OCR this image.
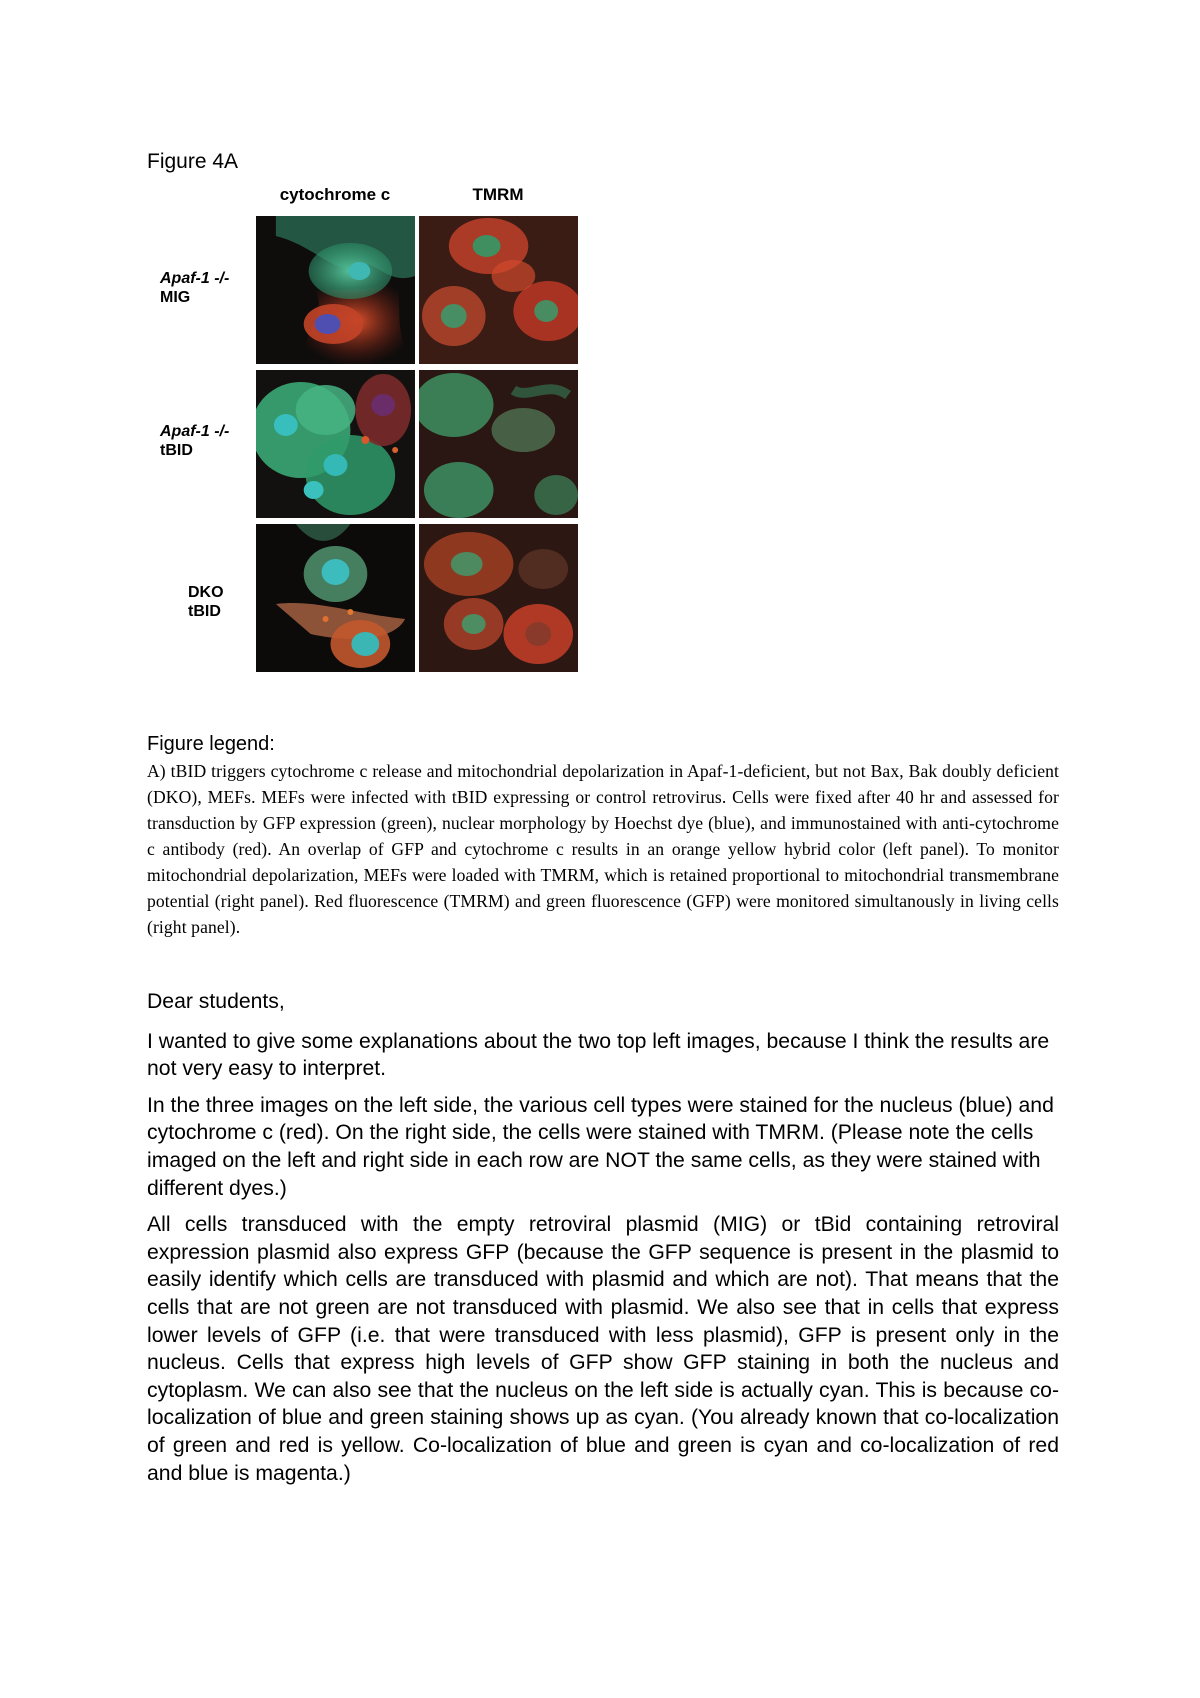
Figure 4A
cytochrome c	TMRM
Apaf-1 -/-
MIG
Apaf-1 -/-
tBID
DKO
tBID
Figure legend:
A) tBID triggers cytochrome c release and mitochondrial depolarization in Apaf-1-deficient, but not Bax, Bak doubly deficient (DKO), MEFs. MEFs were infected with tBID expressing or control retrovirus. Cells were fixed after 40 hr and assessed for transduction by GFP expression (green), nuclear morphology by Hoechst dye (blue), and immunostained with anti-cytochrome c antibody (red). An overlap of GFP and cytochrome c results in an orange yellow hybrid color (left panel). To monitor mitochondrial depolarization, MEFs were loaded with TMRM, which is retained proportional to mitochondrial transmembrane potential (right panel). Red fluorescence (TMRM) and green fluorescence (GFP) were monitored simultanously in living cells (right panel).

Dear students,

I wanted to give some explanations about the two top left images, because I think the results are not very easy to interpret.

In the three images on the left side, the various cell types were stained for the nucleus (blue) and cytochrome c (red). On the right side, the cells were stained with TMRM. (Please note the cells imaged on the left and right side in each row are NOT the same cells, as they were stained with different dyes.)

All cells transduced with the empty retroviral plasmid (MIG) or tBid containing retroviral expression plasmid also express GFP (because the GFP sequence is present in the plasmid to easily identify which cells are transduced with plasmid and which are not). That means that the cells that are not green are not transduced with plasmid. We also see that in cells that express lower levels of GFP (i.e. that were transduced with less plasmid), GFP is present only in the nucleus. Cells that express high levels of GFP show GFP staining in both the nucleus and cytoplasm. We can also see that the nucleus on the left side is actually cyan. This is because co-localization of blue and green staining shows up as cyan. (You already known that co-localization of green and red is yellow. Co-localization of blue and green is cyan and co-localization of red and blue is magenta.)
